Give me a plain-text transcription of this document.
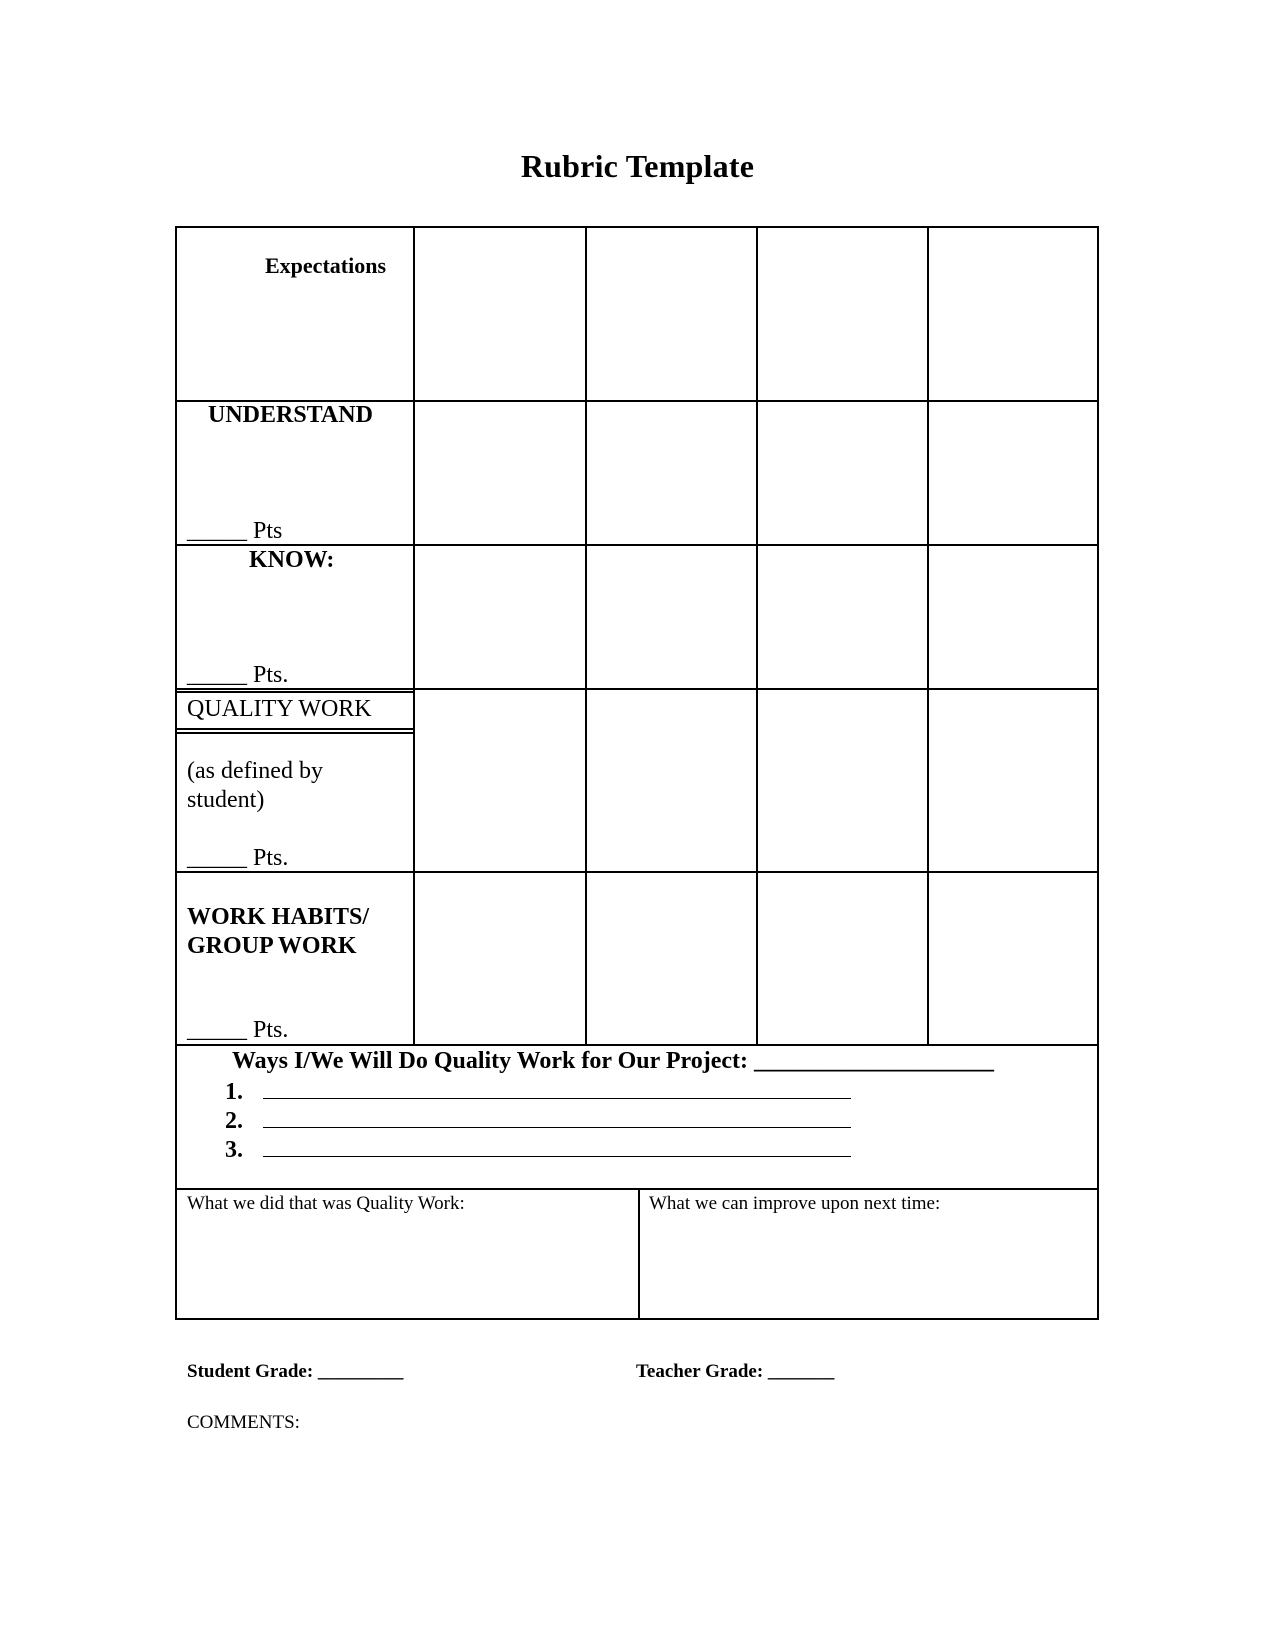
Rubric Template
Expectations
UNDERSTAND
_____ Pts
KNOW:
_____ Pts.
QUALITY WORK
(as defined by
student)
_____ Pts.
WORK HABITS/
GROUP WORK
_____ Pts.
Ways I/We Will Do Quality Work for Our Project: ____________________
1.
2.
3.
What we did that was Quality Work:	What we can improve upon next time:
Student Grade: _________	Teacher Grade: _______
COMMENTS:
